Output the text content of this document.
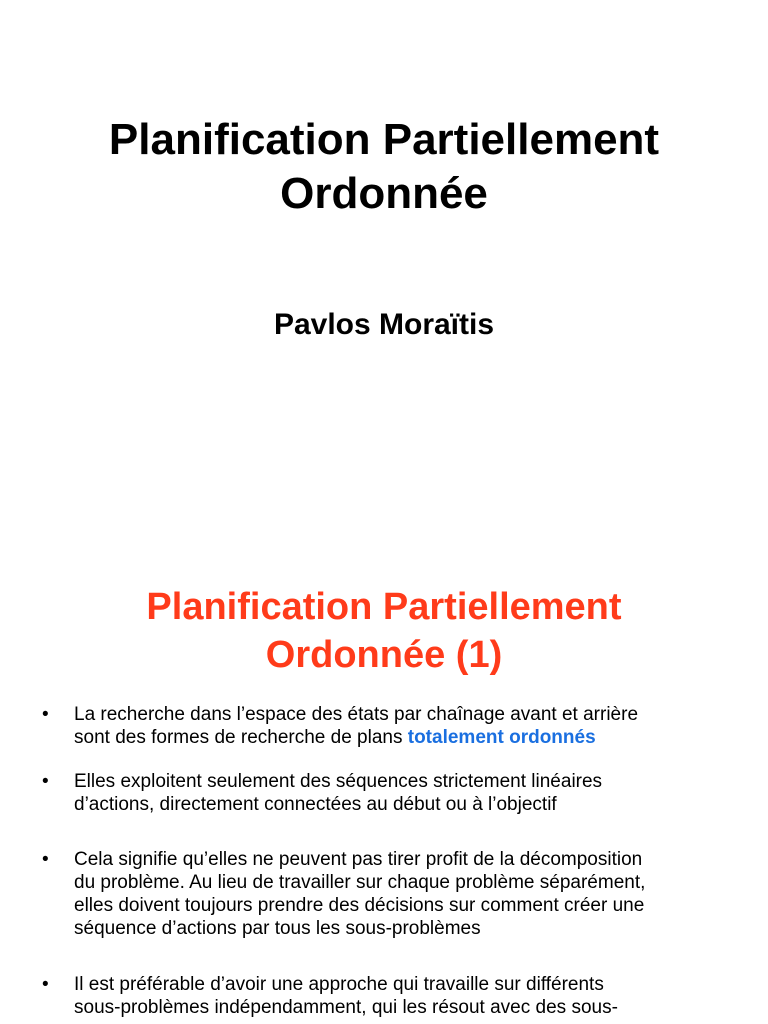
Planification Partiellement
Ordonnée
Pavlos Moraïtis
Planification Partiellement
Ordonnée (1)
• La recherche dans l’espace des états par chaînage avant et arrière
sont des formes de recherche de plans totalement ordonnés
• Elles exploitent seulement des séquences strictement linéaires
d’actions, directement connectées au début ou à l’objectif
• Cela signifie qu’elles ne peuvent pas tirer profit de la décomposition
du problème. Au lieu de travailler sur chaque problème séparément,
elles doivent toujours prendre des décisions sur comment créer une
séquence d’actions par tous les sous-problèmes
• Il est préférable d’avoir une approche qui travaille sur différents
sous-problèmes indépendamment, qui les résout avec des sous-
